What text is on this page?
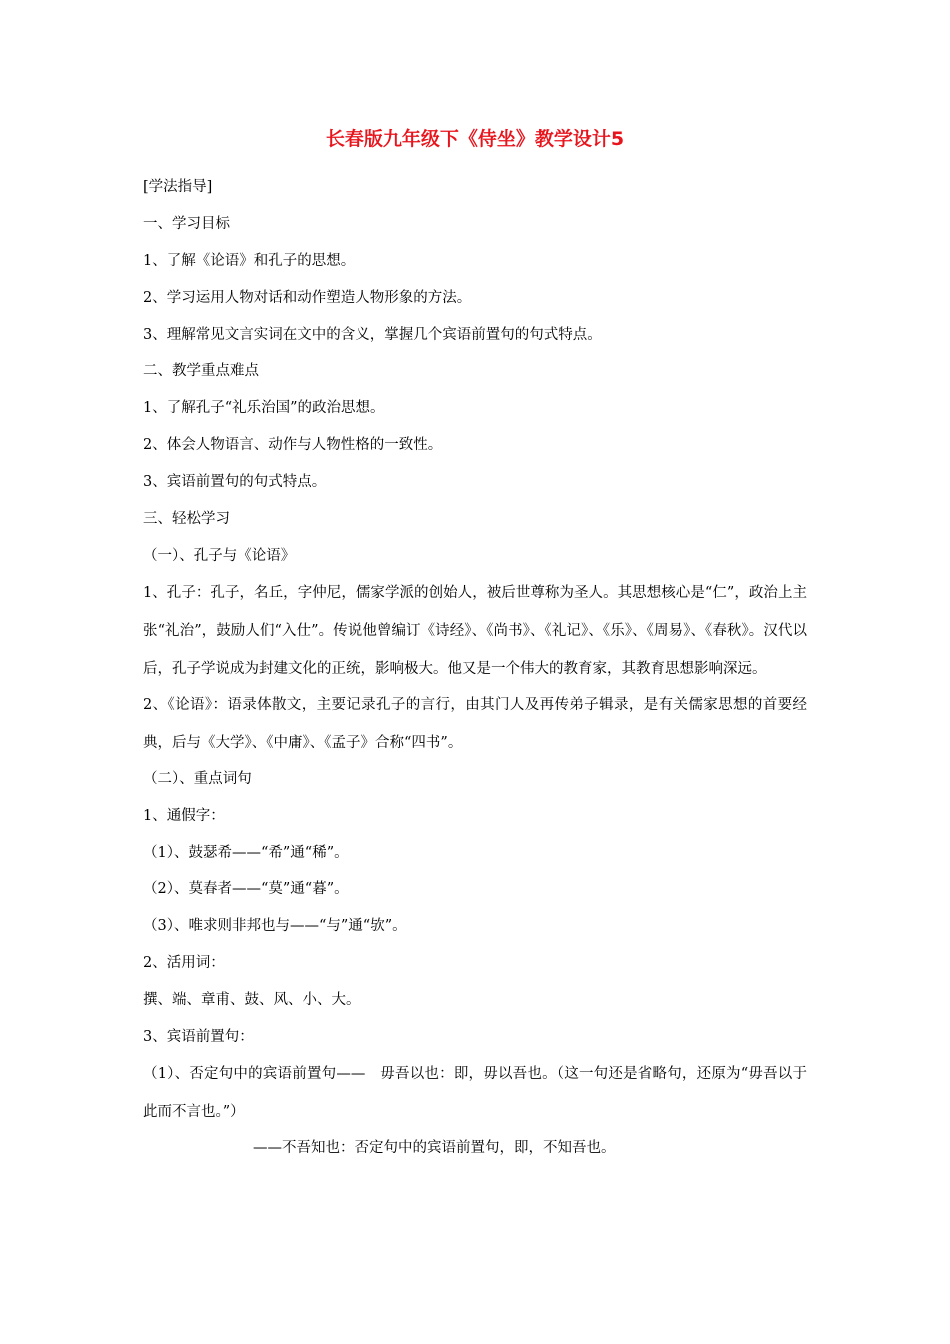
长春版九年级下《侍坐》教学设计5
[学法指导]
一、学习目标
1、了解《论语》和孔子的思想。
2、学习运用人物对话和动作塑造人物形象的方法。
3、理解常见文言实词在文中的含义，掌握几个宾语前置句的句式特点。
二、教学重点难点
1、了解孔子“礼乐治国”的政治思想。
2、体会人物语言、动作与人物性格的一致性。
3、宾语前置句的句式特点。
三、轻松学习
（一）、孔子与《论语》
1、孔子：孔子，名丘，字仲尼，儒家学派的创始人，被后世尊称为圣人。其思想核心是“仁”，政治上主张“礼治”，鼓励人们“入仕”。传说他曾编订《诗经》、《尚书》、《礼记》、《乐》、《周易》、《春秋》。汉代以后，孔子学说成为封建文化的正统，影响极大。他又是一个伟大的教育家，其教育思想影响深远。
2、《论语》：语录体散文，主要记录孔子的言行，由其门人及再传弟子辑录，是有关儒家思想的首要经典，后与《大学》、《中庸》、《孟子》合称“四书”。
（二）、重点词句
1、通假字：
（1）、鼓瑟希——“希”通“稀”。
（2）、莫春者——“莫”通“暮”。
（3）、唯求则非邦也与——“与”通“欤”。
2、活用词：
撰、端、章甫、鼓、风、小、大。
3、宾语前置句：
（1）、否定句中的宾语前置句——　毋吾以也：即，毋以吾也。（这一句还是省略句，还原为“毋吾以于此而不言也。”）
——不吾知也：否定句中的宾语前置句，即，不知吾也。
